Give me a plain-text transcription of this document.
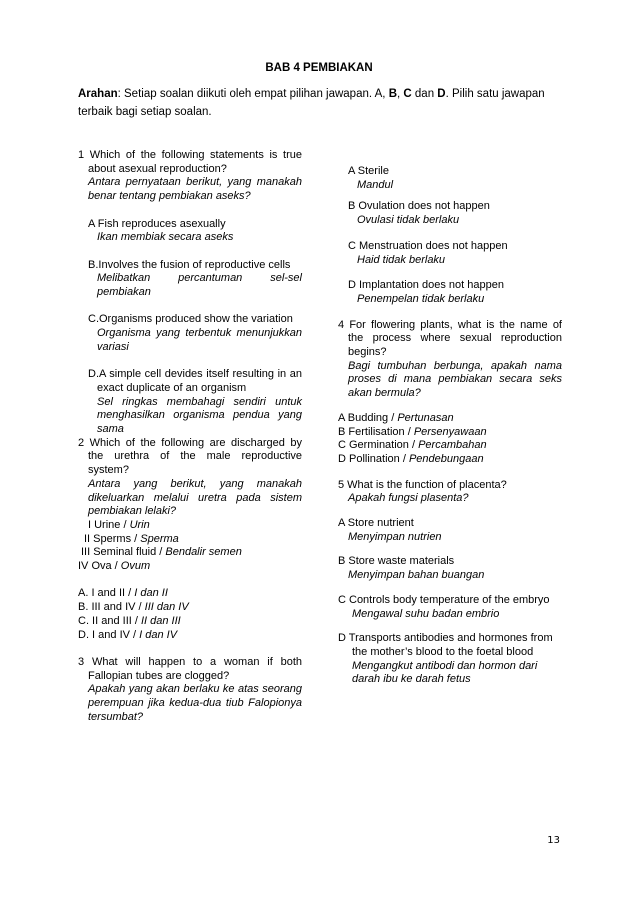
BAB 4 PEMBIAKAN

Arahan: Setiap soalan diikuti oleh empat pilihan jawapan. A, B, C dan D. Pilih satu jawapan terbaik bagi setiap soalan.

1 Which of the following statements is true about asexual reproduction?

Antara pernyataan berikut, yang manakah benar tentang pembiakan aseks?

A Fish reproduces asexually

Ikan membiak secara aseks

B.Involves the fusion of reproductive cells

Melibatkan percantuman sel-sel pembiakan

C.Organisms produced show the variation

Organisma yang terbentuk menunjukkan variasi

D.A simple cell devides itself resulting in an exact duplicate of an organism

Sel ringkas membahagi sendiri untuk menghasilkan organisma pendua yang sama

2 Which of the following are discharged by the urethra of the male reproductive system?

Antara yang berikut, yang manakah dikeluarkan melalui uretra pada sistem pembiakan lelaki?

I Urine / Urin

II Sperms / Sperma

III Seminal fluid / Bendalir semen

IV Ova / Ovum

A. I and II / I dan II

B. III and IV / III dan IV

C. II and III / II dan III

D. I and IV / I dan IV

3 What will happen to a woman if both Fallopian tubes are clogged?

Apakah yang akan berlaku ke atas seorang perempuan jika kedua-dua tiub Falopionya tersumbat?

A Sterile

Mandul

B Ovulation does not happen

Ovulasi tidak berlaku

C Menstruation does not happen

Haid tidak berlaku

D Implantation does not happen

Penempelan tidak berlaku

4 For flowering plants, what is the name of the process where sexual reproduction begins?

Bagi tumbuhan berbunga, apakah nama proses di mana pembiakan secara seks akan bermula?

A Budding / Pertunasan

B Fertilisation / Persenyawaan

C Germination / Percambahan

D Pollination / Pendebungaan

5 What is the function of placenta?

Apakah fungsi plasenta?

A Store nutrient

Menyimpan nutrien

B Store waste materials

Menyimpan bahan buangan

C Controls body temperature of the embryo

Mengawal suhu badan embrio

D Transports antibodies and hormones from the mother’s blood to the foetal blood

Mengangkut antibodi dan hormon dari darah ibu ke darah fetus

13
